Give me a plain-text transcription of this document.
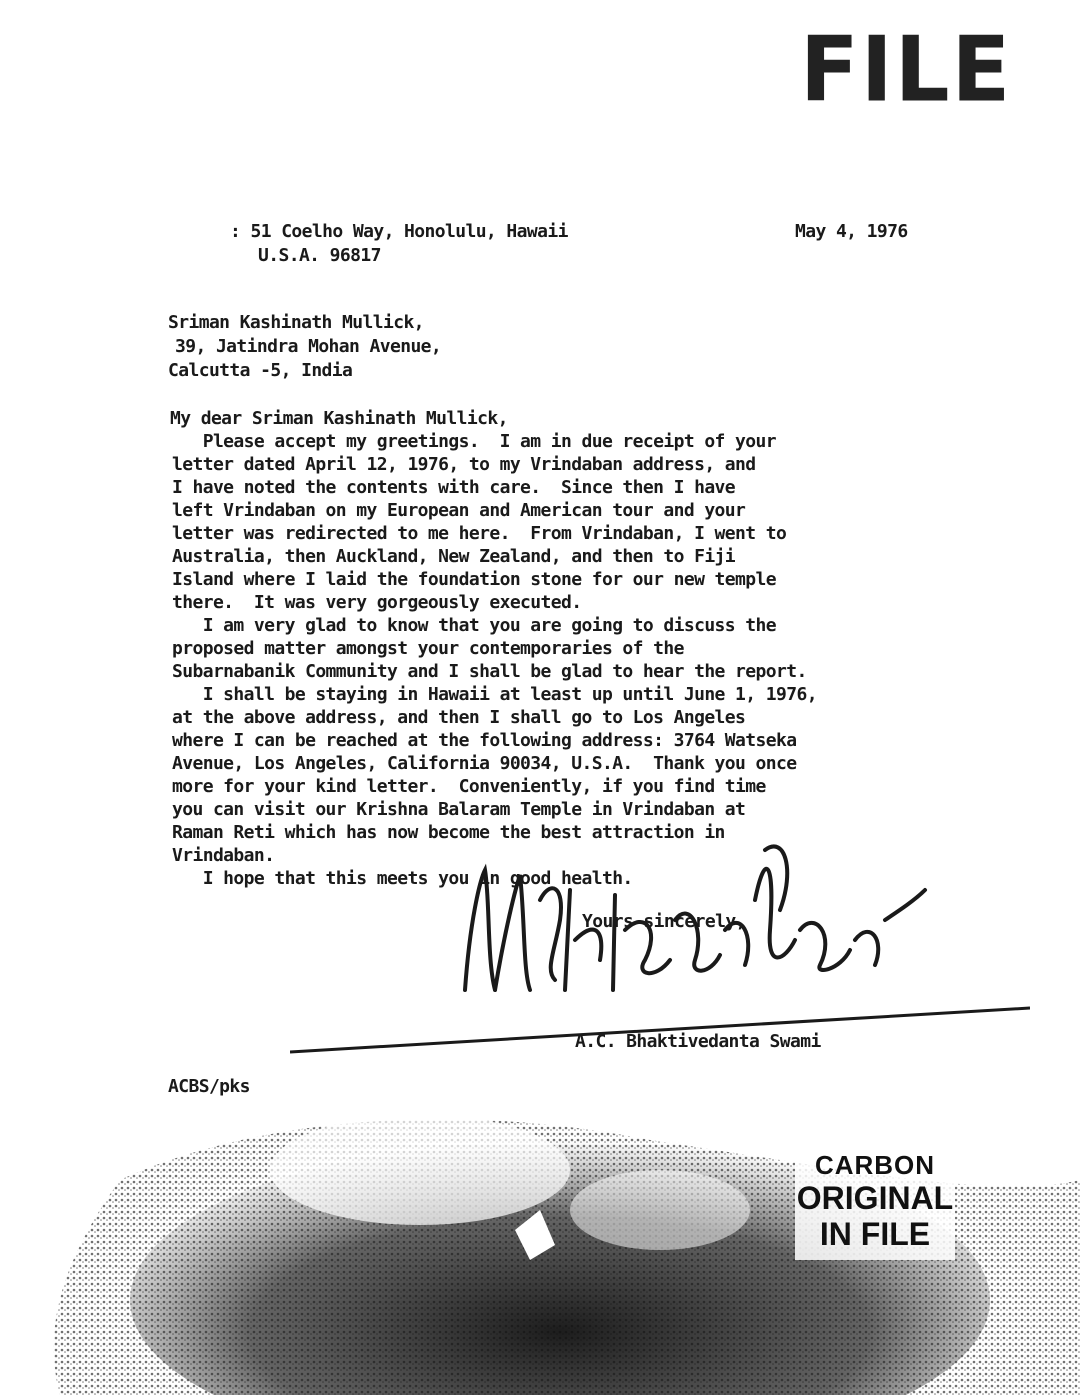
FILE
: 51 Coelho Way, Honolulu, Hawaii
U.S.A. 96817
May 4, 1976
Sriman Kashinath Mullick,
39, Jatindra Mohan Avenue,
Calcutta -5, India
My dear Sriman Kashinath Mullick,
Please accept my greetings.  I am in due receipt of your
letter dated April 12, 1976, to my Vrindaban address, and
I have noted the contents with care.  Since then I have
left Vrindaban on my European and American tour and your
letter was redirected to me here.  From Vrindaban, I went to
Australia, then Auckland, New Zealand, and then to Fiji
Island where I laid the foundation stone for our new temple
there.  It was very gorgeously executed.
I am very glad to know that you are going to discuss the
proposed matter amongst your contemporaries of the
Subarnabanik Community and I shall be glad to hear the report.
I shall be staying in Hawaii at least up until June 1, 1976,
at the above address, and then I shall go to Los Angeles
where I can be reached at the following address: 3764 Watseka
Avenue, Los Angeles, California 90034, U.S.A.  Thank you once
more for your kind letter.  Conveniently, if you find time
you can visit our Krishna Balaram Temple in Vrindaban at
Raman Reti which has now become the best attraction in
Vrindaban.
I hope that this meets you in good health.
Yours sincerely,
A.C. Bhaktivedanta Swami
ACBS/pks
CARBON
ORIGINAL
IN FILE
